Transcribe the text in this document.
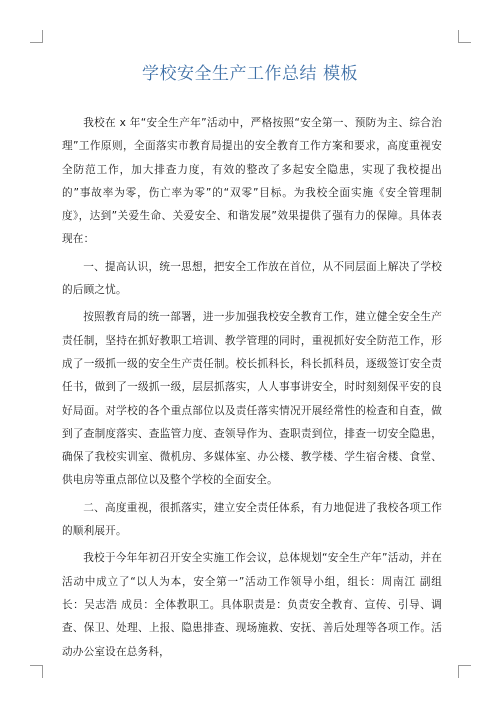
学校安全生产工作总结 模板

我校在 x 年“安全生产年”活动中，严格按照“安全第一、预防为主、综合治理”工作原则，全面落实市教育局提出的安全教育工作方案和要求，高度重视安全防范工作，加大排查力度，有效的整改了多起安全隐患，实现了我校提出的”事故率为零，伤亡率为零”的“双零”目标。为我校全面实施《安全管理制度》，达到”关爱生命、关爱安全、和谐发展”效果提供了强有力的保障。具体表现在：

一、提高认识，统一思想，把安全工作放在首位，从不同层面上解决了学校的后顾之忧。

按照教育局的统一部署，进一步加强我校安全教育工作，建立健全安全生产责任制，坚持在抓好教职工培训、教学管理的同时，重视抓好安全防范工作，形成了一级抓一级的安全生产责任制。校长抓科长，科长抓科员，逐级签订安全责任书，做到了一级抓一级，层层抓落实，人人事事讲安全，时时刻刻保平安的良好局面。对学校的各个重点部位以及责任落实情况开展经常性的检查和自查，做到了查制度落实、查监管力度、查领导作为、查职责到位，排查一切安全隐患，确保了我校实训室、微机房、多媒体室、办公楼、教学楼、学生宿舍楼、食堂、供电房等重点部位以及整个学校的全面安全。

二、高度重视，很抓落实，建立安全责任体系，有力地促进了我校各项工作的顺利展开。

我校于今年年初召开安全实施工作会议，总体规划“安全生产年”活动，并在活动中成立了“以人为本，安全第一”活动工作领导小组，组长：周南江 副组长：吴志浩 成员：全体教职工。具体职责是：负责安全教育、宣传、引导、调查、保卫、处理、上报、隐患排查、现场施救、安抚、善后处理等各项工作。活动办公室设在总务科，
